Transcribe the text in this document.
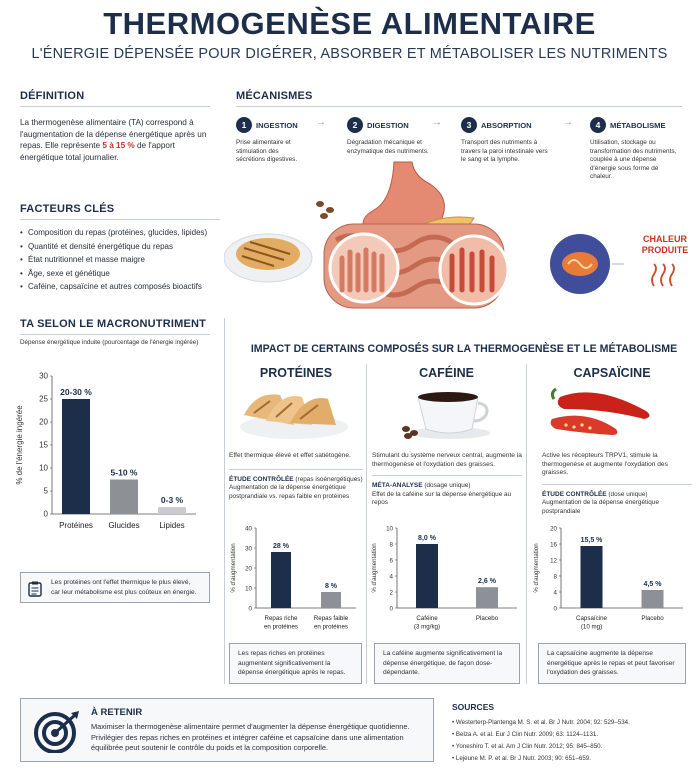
THERMOGENÈSE ALIMENTAIRE
L'ÉNERGIE DÉPENSÉE POUR DIGÉRER, ABSORBER ET MÉTABOLISER LES NUTRIMENTS
DÉFINITION
La thermogenèse alimentaire (TA) correspond à l'augmentation de la dépense énergétique après un repas. Elle représente 5 à 15 % de l'apport énergétique total journalier.
FACTEURS CLÉS
• Composition du repas (protéines, glucides, lipides)
• Quantité et densité énergétique du repas
• État nutritionnel et masse maigre
• Âge, sexe et génétique
• Caféine, capsaïcine et autres composés bioactifs
MÉCANISMES
1	INGESTION
Prise alimentaire et stimulation des sécrétions digestives.
→	2	DIGESTION
Dégradation mécanique et enzymatique des nutriments.
→	3	ABSORPTION
Transport des nutriments à travers la paroi intestinale vers le sang et la lymphe.
→	4	MÉTABOLISME
Utilisation, stockage ou transformation des nutriments, couplée à une dépense d'énergie sous forme de chaleur.
CHALEUR PRODUITE
TA SELON LE MACRONUTRIMENT
Dépense énergétique induite (pourcentage de l'énergie ingérée)
0
5
10
15
20
25
30
% de l'énergie ingérée
20-30 %
Protéines
5-10 %
Glucides
0-3 %
Lipides
Les protéines ont l'effet thermique le plus élevé, car leur métabolisme est plus coûteux en énergie.
IMPACT DE CERTAINS COMPOSÉS SUR LA THERMOGENÈSE ET LE MÉTABOLISME
PROTÉINES
Effet thermique élevé et effet satiétogène.
ÉTUDE CONTRÔLÉE (repas isoénergétiques)
Augmentation de la dépense énergétique postprandiale vs. repas faible en protéines
0
10
20
30
40
% d'augmentation	28 %
Repas riche
en protéines
8 %
Repas faible
en protéines
Les repas riches en protéines augmentent significativement la dépense énergétique après le repas.
CAFÉINE
Stimulant du système nerveux central, augmente la thermogenèse et l'oxydation des graisses.
MÉTA-ANALYSE (dosage unique)
Effet de la caféine sur la dépense énergétique au repos
0
2
4
6
8
10
% d'augmentation
8,0 %
Caféine
(3 mg/kg)
2,6 %
Placebo
La caféine augmente significativement la dépense énergétique, de façon dose-dépendante.
CAPSAÏCINE
Active les récepteurs TRPV1, stimule la thermogenèse et augmente l'oxydation des graisses.
ÉTUDE CONTRÔLÉE (dose unique)
Augmentation de la dépense énergétique postprandiale
0
4
8
12
16
20
% d'augmentation
15,5 %
Capsaïcine
(10 mg)
4,5 %
Placebo
La capsaïcine augmente la dépense énergétique après le repas et peut favoriser l'oxydation des graisses.
À RETENIR
Maximiser la thermogenèse alimentaire permet d'augmenter la dépense énergétique quotidienne. Privilégier des repas riches en protéines et intégrer caféine et capsaïcine dans une alimentation équilibrée peut soutenir le contrôle du poids et la composition corporelle.
SOURCES
• Westerterp-Plantenga M. S. et al. Br J Nutr. 2004; 92: 529–534.
• Belza A. et al. Eur J Clin Nutr. 2009; 63: 1124–1131.
• Yoneshiro T. et al. Am J Clin Nutr. 2012; 95: 845–850.
• Lejeune M. P. et al. Br J Nutr. 2003; 90: 651–659.
